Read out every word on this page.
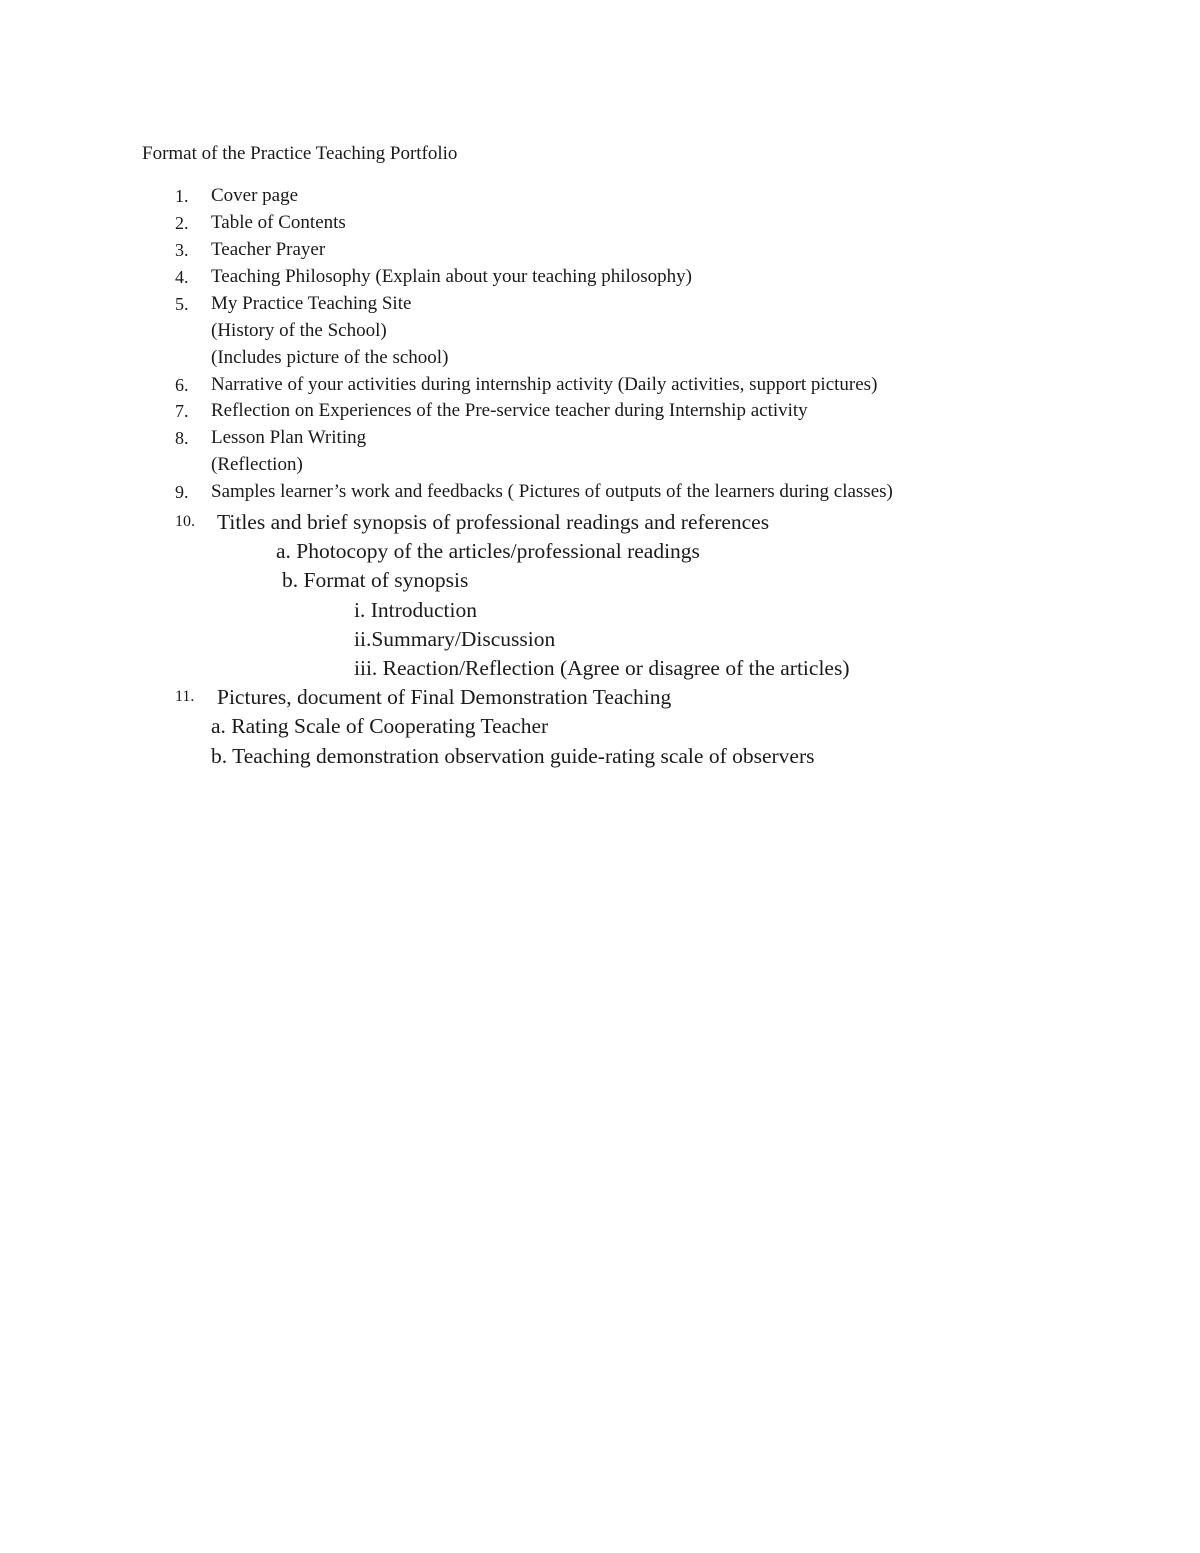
Format of the Practice Teaching Portfolio
1. Cover page
2. Table of Contents
3. Teacher Prayer
4. Teaching Philosophy (Explain about your teaching philosophy)
5. My Practice Teaching Site
(History of the School)
(Includes picture of the school)
6. Narrative of your activities during internship activity (Daily activities, support pictures)
7. Reflection on Experiences of the Pre-service teacher during Internship activity
8. Lesson Plan Writing
(Reflection)
9. Samples learner’s work and feedbacks ( Pictures of outputs of the learners during classes)
10. Titles and brief synopsis of professional readings and references
a. Photocopy of the articles/professional readings
b. Format of synopsis
i. Introduction
ii.Summary/Discussion
iii. Reaction/Reflection (Agree or disagree of the articles)
11. Pictures, document of Final Demonstration Teaching
a. Rating Scale of Cooperating Teacher
b. Teaching demonstration observation guide-rating scale of observers
